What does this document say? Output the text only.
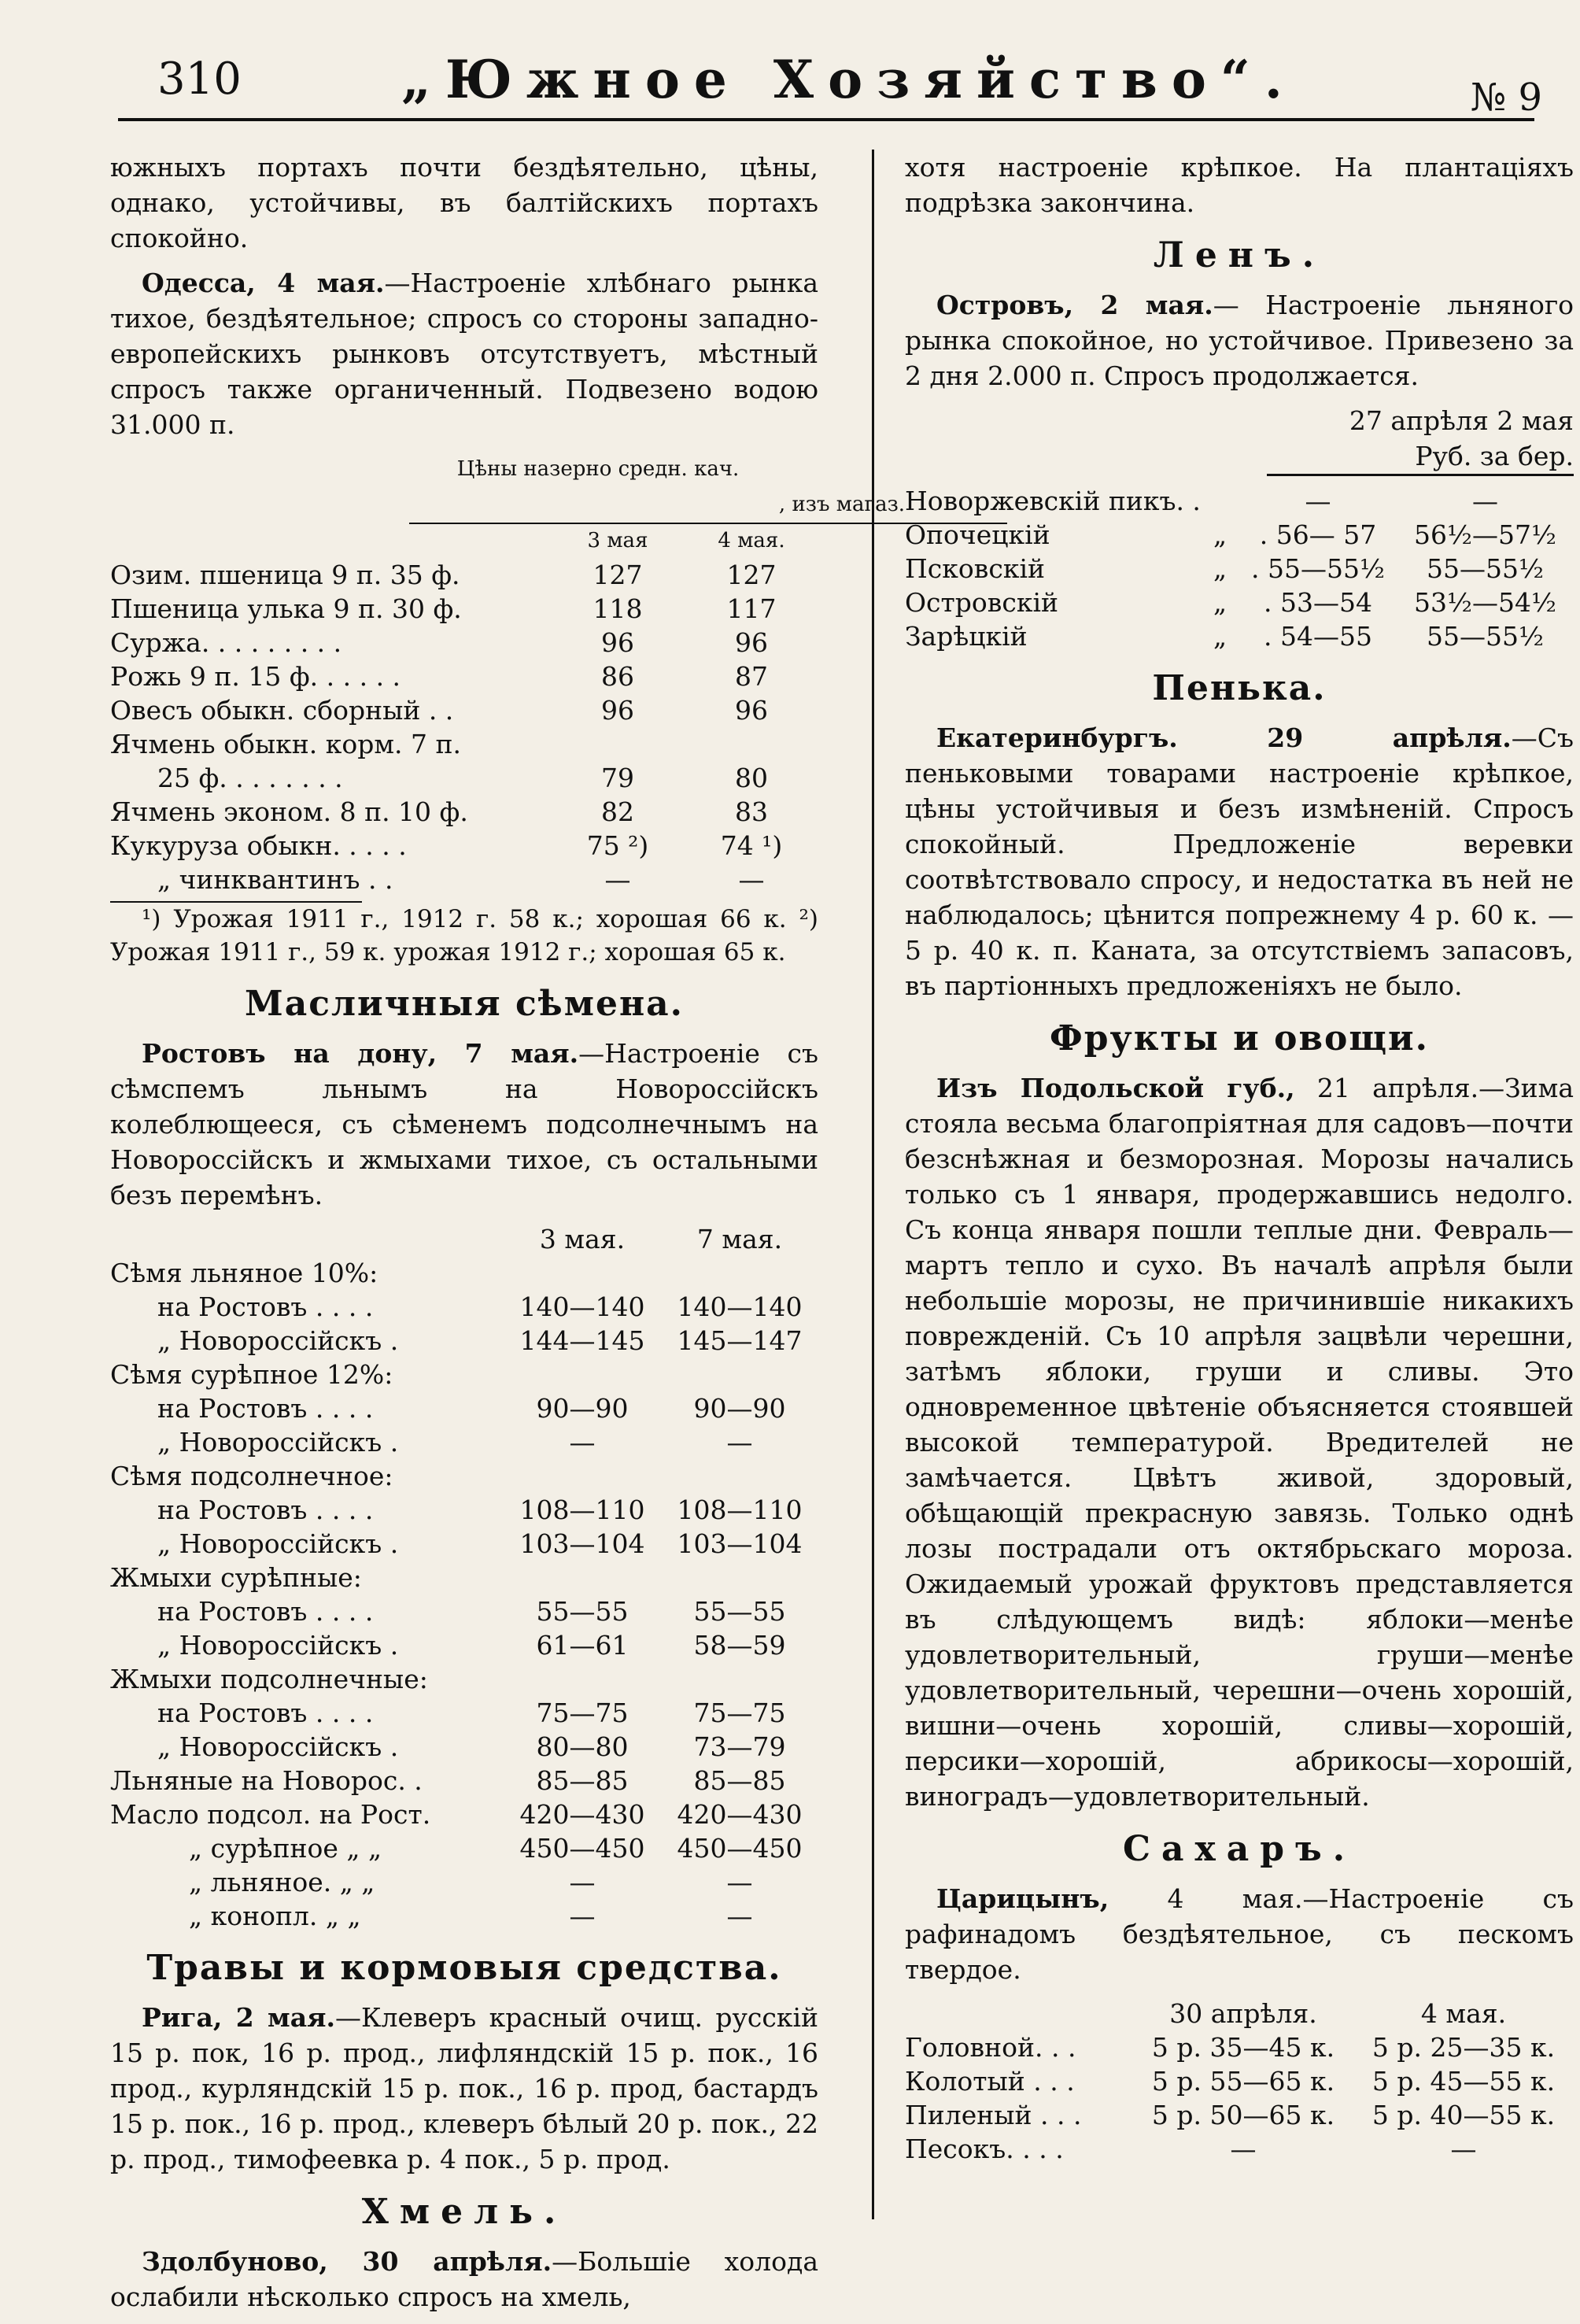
310	„Южное Хозяйство“.	№ 9

южныхъ портахъ почти бездѣятельно, цѣны, однако, устойчивы, въ балтійскихъ портахъ спокойно.

Одесса, 4 мая.—Настроеніе хлѣбнаго рынка тихое, бездѣятельное; спросъ со стороны западно-европейскихъ рынковъ отсутствуетъ, мѣстный спросъ также органиченный. Подвезено водою 31.000 п.

Цѣны назерно средн. кач.
, изъ магаз.
	3 мая	4 мая.
Озим. пшеница 9 п. 35 ф.	127	127
Пшеница улька 9 п. 30 ф.	118	117
Суржа. . . . . . . . .	96	96
Рожь 9 п. 15 ф. . . . . .	86	87
Овесъ обыкн. сборный . .	96	96
Ячмень обыкн. корм. 7 п.		
25 ф. . . . . . . .	79	80
Ячмень эконом. 8 п. 10 ф.	82	83
Кукуруза обыкн. . . . .	75 ²)	74 ¹)
„ чинквантинъ . .	—	—

¹) Урожая 1911 г., 1912 г. 58 к.; хорошая 66 к. ²) Урожая 1911 г., 59 к. урожая 1912 г.; хорошая 65 к.

Масличныя сѣмена.

Ростовъ на дону, 7 мая.—Настроеніе съ сѣмспемъ льнымъ на Новороссійскъ колеблющееся, съ сѣменемъ подсолнечнымъ на Новороссійскъ и жмыхами тихое, съ остальными безъ перемѣнъ.

	3 мая.	7 мая.
Сѣмя льняное 10%:		
на Ростовъ . . . .	140—140	140—140
„ Новороссійскъ .	144—145	145—147
Сѣмя сурѣпное 12%:		
на Ростовъ . . . .	90—90	90—90
„ Новороссійскъ .	—	—
Сѣмя подсолнечное:		
на Ростовъ . . . .	108—110	108—110
„ Новороссійскъ .	103—104	103—104
Жмыхи сурѣпные:		
на Ростовъ . . . .	55—55	55—55
„ Новороссійскъ .	61—61	58—59
Жмыхи подсолнечные:		
на Ростовъ . . . .	75—75	75—75
„ Новороссійскъ .	80—80	73—79
Льняные на Новорос. .	85—85	85—85
Масло подсол. на Рост.	420—430	420—430
„ сурѣпное „ „	450—450	450—450
„ льняное. „ „	—	—
„ конопл. „ „	—	—
Травы и кормовыя средства.

Рига, 2 мая.—Клеверъ красный очищ. русскій 15 р. пок, 16 р. прод., лифляндскій 15 р. пок., 16 прод., курляндскій 15 р. пок., 16 р. прод, бастардъ 15 р. пок., 16 р. прод., клеверъ бѣлый 20 р. пок., 22 р. прод., тимофеевка р. 4 пок., 5 р. прод.

Хмель.

Здолбуново, 30 апрѣля.—Большіе холода ослабили нѣсколько спросъ на хмель,

хотя настроеніе крѣпкое. На плантаціяхъ подрѣзка закончина.

Ленъ.

Островъ, 2 мая.— Настроеніе льняного рынка спокойное, но устойчивое. Привезено за 2 дня 2.000 п. Спросъ продолжается.

27 апрѣля 2 мая
Руб. за бер.
Новоржевскій пикъ. .		—	—
Опочецкій	„	. 56— 57	56½—57½
Псковскій	„	. 55—55½	55—55½
Островскій	„	. 53—54	53½—54½
Зарѣцкій	„	. 54—55	55—55½
Пенька.

Екатеринбургъ. 29 апрѣля.—Съ пеньковыми товарами настроеніе крѣпкое, цѣны устойчивыя и безъ измѣненій. Спросъ спокойный. Предложеніе веревки соотвѣтствовало спросу, и недостатка въ ней не наблюдалось; цѣнится попрежнему 4 р. 60 к. —5 р. 40 к. п. Каната, за отсутствіемъ запасовъ, въ партіонныхъ предложеніяхъ не было.

Фрукты и овощи.

Изъ Подольской губ., 21 апрѣля.—Зима стояла весьма благопріятная для садовъ—почти безснѣжная и безморозная. Морозы начались только съ 1 января, продержавшись недолго. Съ конца января пошли теплые дни. Февраль—мартъ тепло и сухо. Въ началѣ апрѣля были небольшіе морозы, не причинившіе никакихъ поврежденій. Съ 10 апрѣля зацвѣли черешни, затѣмъ яблоки, груши и сливы. Это одновременное цвѣтеніе объясняется стоявшей высокой температурой. Вредителей не замѣчается. Цвѣтъ живой, здоровый, обѣщающій прекрасную завязь. Только однѣ лозы пострадали отъ октябрьскаго мороза. Ожидаемый урожай фруктовъ представляется въ слѣдующемъ видѣ: яблоки—менѣе удовлетворительный, груши—менѣе удовлетворительный, черешни—очень хорошій, вишни—очень хорошій, сливы—хорошій, персики—хорошій, абрикосы—хорошій, виноградъ—удовлетворительный.

Сахаръ.

Царицынъ, 4 мая.—Настроеніе съ рафинадомъ бездѣятельное, съ пескомъ твердое.

	30 апрѣля.	4 мая.
Головной. . .	5 р. 35—45 к.	5 р. 25—35 к.
Колотый . . .	5 р. 55—65 к.	5 р. 45—55 к.
Пиленый . . .	5 р. 50—65 к.	5 р. 40—55 к.
Песокъ. . . .	—	—
